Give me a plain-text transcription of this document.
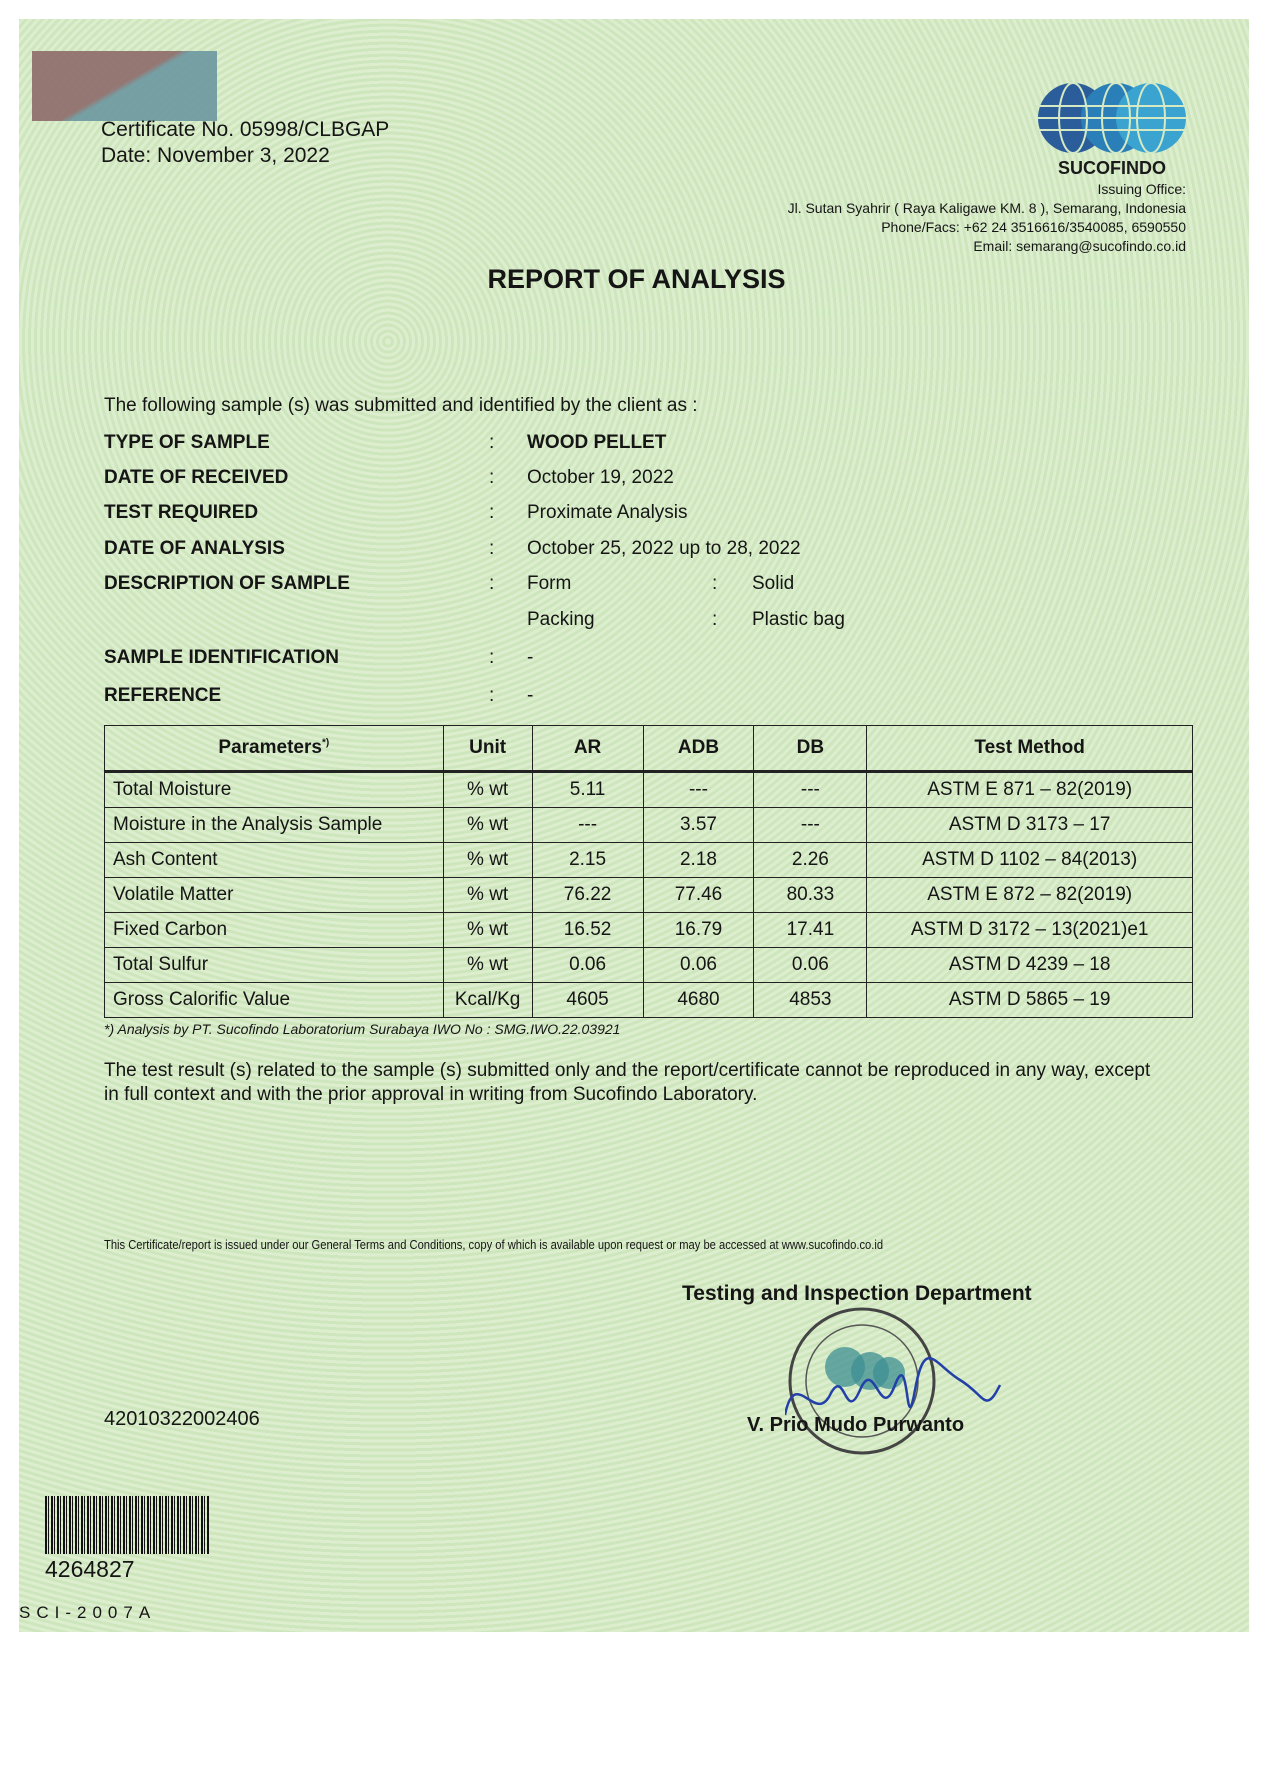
Certificate No. 05998/CLBGAP
Date: November 3, 2022
SUCOFINDO
Issuing Office:
Jl. Sutan Syahrir ( Raya Kaligawe KM. 8 ), Semarang, Indonesia
Phone/Facs: +62 24 3516616/3540085, 6590550
Email: semarang@sucofindo.co.id
REPORT OF ANALYSIS
The following sample (s) was submitted and identified by the client as :
TYPE OF SAMPLE	: WOOD PELLET
DATE OF RECEIVED	: October 19, 2022
TEST REQUIRED	: Proximate Analysis
DATE OF ANALYSIS	: October 25, 2022 up to 28, 2022
DESCRIPTION OF SAMPLE	: Form	: Solid
Packing	: Plastic bag
SAMPLE IDENTIFICATION	: -
REFERENCE	: -
Parameters*)	Unit	AR	ADB	DB	Test Method
Total Moisture	% wt	5.11	---	---	ASTM E 871 – 82(2019)
Moisture in the Analysis Sample	% wt	---	3.57	---	ASTM D 3173 – 17
Ash Content	% wt	2.15	2.18	2.26	ASTM D 1102 – 84(2013)
Volatile Matter	% wt	76.22	77.46	80.33	ASTM E 872 – 82(2019)
Fixed Carbon	% wt	16.52	16.79	17.41	ASTM D 3172 – 13(2021)e1
Total Sulfur	% wt	0.06	0.06	0.06	ASTM D 4239 – 18
Gross Calorific Value	Kcal/Kg	4605	4680	4853	ASTM D 5865 – 19
*) Analysis by PT. Sucofindo Laboratorium Surabaya IWO No : SMG.IWO.22.03921
The test result (s) related to the sample (s) submitted only and the report/certificate cannot be reproduced in any way, except in full context and with the prior approval in writing from Sucofindo Laboratory.
This Certificate/report is issued under our General Terms and Conditions, copy of which is available upon request or may be accessed at www.sucofindo.co.id
Testing and Inspection Department
V. Prio Mudo Purwanto
42010322002406
4264827
SCI-2007A
